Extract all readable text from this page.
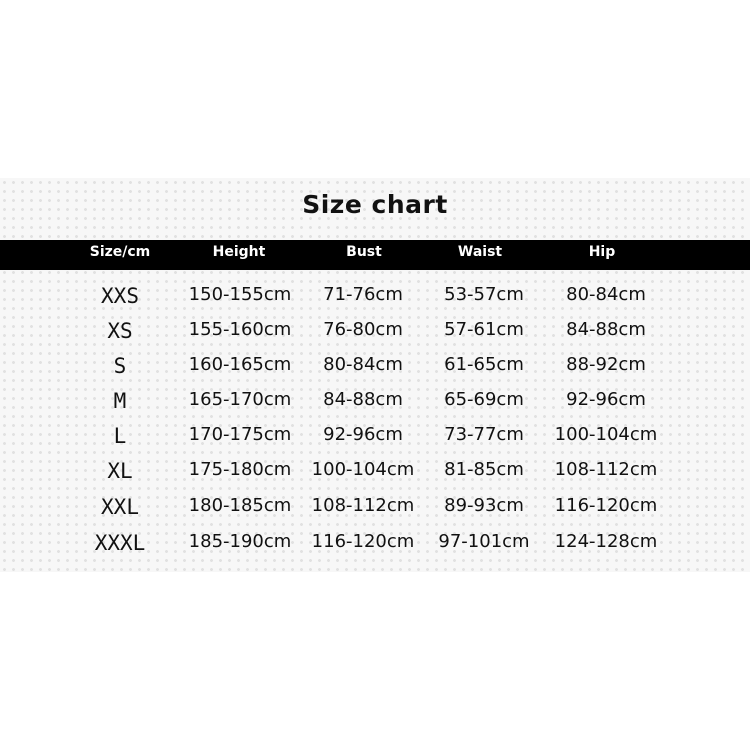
Size chart
Size/cm	Height	Bust	Waist	Hip
XXS	150-155cm	71-76cm	53-57cm	80-84cm
XS	155-160cm	76-80cm	57-61cm	84-88cm
S	160-165cm	80-84cm	61-65cm	88-92cm
M	165-170cm	84-88cm	65-69cm	92-96cm
L	170-175cm	92-96cm	73-77cm	100-104cm
XL	175-180cm	100-104cm	81-85cm	108-112cm
XXL	180-185cm	108-112cm	89-93cm	116-120cm
XXXL	185-190cm	116-120cm	97-101cm	124-128cm
